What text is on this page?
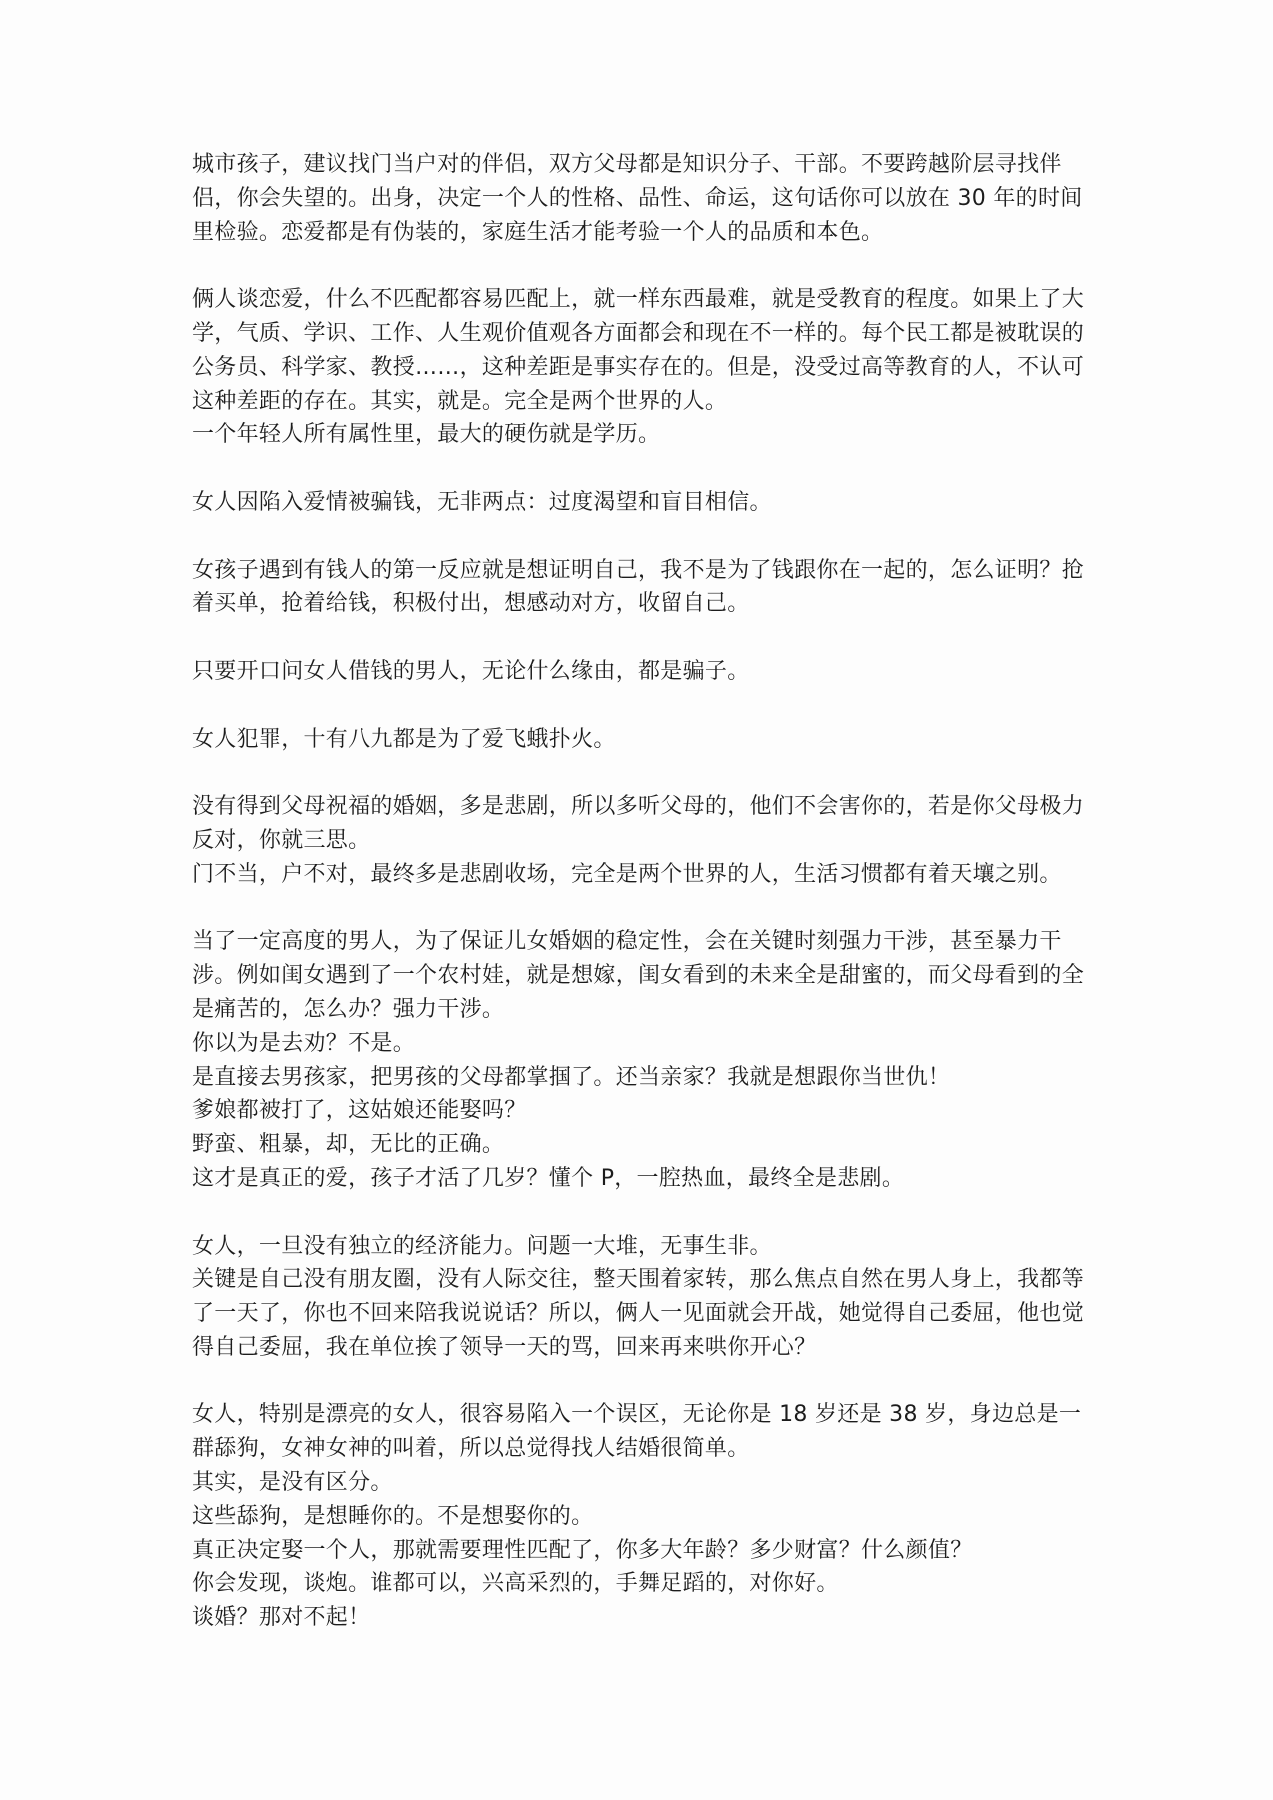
城市孩子，建议找门当户对的伴侣，双方父母都是知识分子、干部。不要跨越阶层寻找伴侣，你会失望的。出身，决定一个人的性格、品性、命运，这句话你可以放在 30 年的时间里检验。恋爱都是有伪装的，家庭生活才能考验一个人的品质和本色。
俩人谈恋爱，什么不匹配都容易匹配上，就一样东西最难，就是受教育的程度。如果上了大学，气质、学识、工作、人生观价值观各方面都会和现在不一样的。每个民工都是被耽误的公务员、科学家、教授……，这种差距是事实存在的。但是，没受过高等教育的人，不认可这种差距的存在。其实，就是。完全是两个世界的人。
一个年轻人所有属性里，最大的硬伤就是学历。
女人因陷入爱情被骗钱，无非两点：过度渴望和盲目相信。
女孩子遇到有钱人的第一反应就是想证明自己，我不是为了钱跟你在一起的，怎么证明？抢着买单，抢着给钱，积极付出，想感动对方，收留自己。
只要开口问女人借钱的男人，无论什么缘由，都是骗子。
女人犯罪，十有八九都是为了爱飞蛾扑火。
没有得到父母祝福的婚姻，多是悲剧，所以多听父母的，他们不会害你的，若是你父母极力反对，你就三思。
门不当，户不对，最终多是悲剧收场，完全是两个世界的人，生活习惯都有着天壤之别。
当了一定高度的男人，为了保证儿女婚姻的稳定性，会在关键时刻强力干涉，甚至暴力干涉。例如闺女遇到了一个农村娃，就是想嫁，闺女看到的未来全是甜蜜的，而父母看到的全是痛苦的，怎么办？强力干涉。
你以为是去劝？不是。
是直接去男孩家，把男孩的父母都掌掴了。还当亲家？我就是想跟你当世仇！
爹娘都被打了，这姑娘还能娶吗？
野蛮、粗暴，却，无比的正确。
这才是真正的爱，孩子才活了几岁？懂个 P，一腔热血，最终全是悲剧。
女人，一旦没有独立的经济能力。问题一大堆，无事生非。
关键是自己没有朋友圈，没有人际交往，整天围着家转，那么焦点自然在男人身上，我都等了一天了，你也不回来陪我说说话？所以，俩人一见面就会开战，她觉得自己委屈，他也觉得自己委屈，我在单位挨了领导一天的骂，回来再来哄你开心？
女人，特别是漂亮的女人，很容易陷入一个误区，无论你是 18 岁还是 38 岁，身边总是一群舔狗，女神女神的叫着，所以总觉得找人结婚很简单。
其实，是没有区分。
这些舔狗，是想睡你的。不是想娶你的。
真正决定娶一个人，那就需要理性匹配了，你多大年龄？多少财富？什么颜值？
你会发现，谈炮。谁都可以，兴高采烈的，手舞足蹈的，对你好。
谈婚？那对不起！
